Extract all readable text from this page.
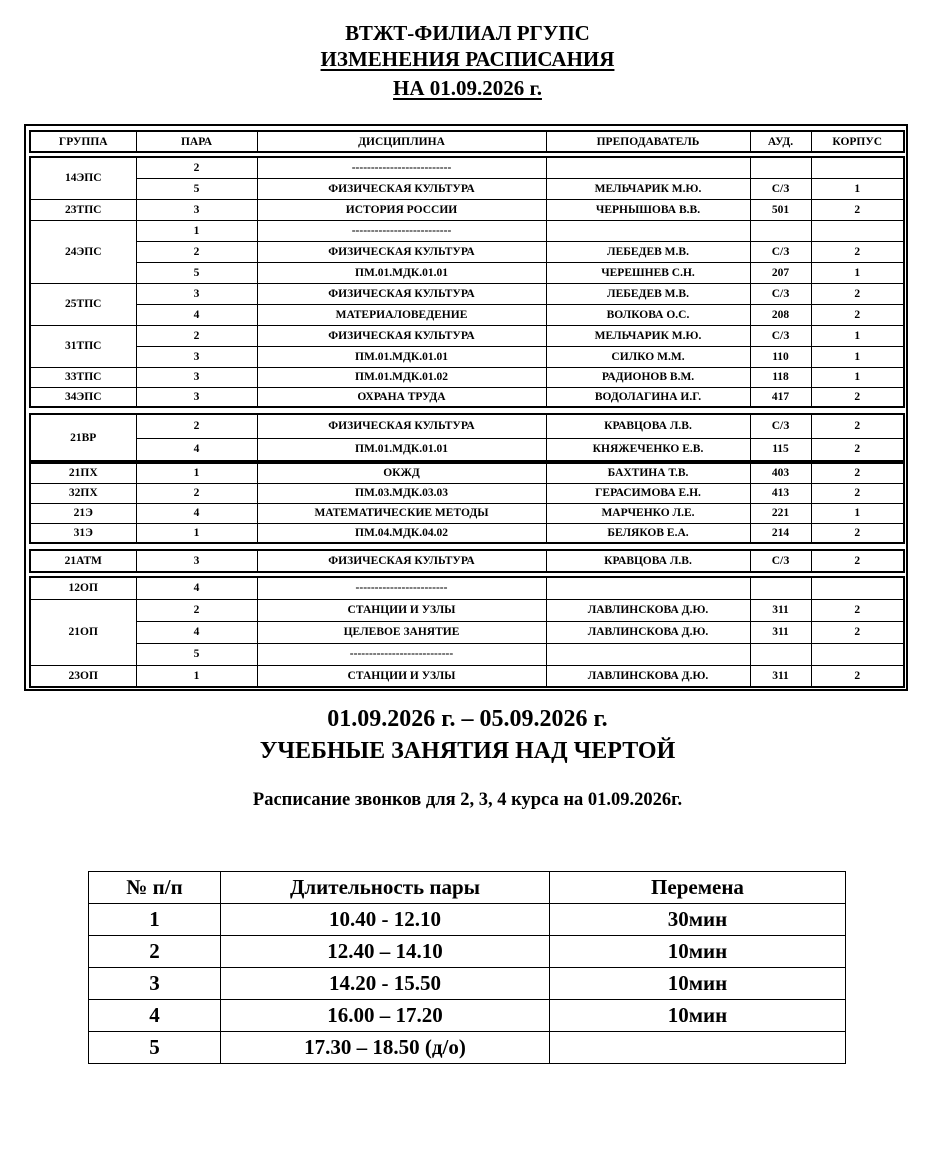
ВТЖТ-ФИЛИАЛ РГУПС
ИЗМЕНЕНИЯ РАСПИСАНИЯ
НА 01.09.2026 г.
ГРУППА	ПАРА	ДИСЦИПЛИНА	ПРЕПОДАВАТЕЛЬ	АУД.	КОРПУС
14ЭПС	2	--------------------------			
	5	ФИЗИЧЕСКАЯ КУЛЬТУРА	МЕЛЬЧАРИК М.Ю.	С/З	1
23ТПС	3	ИСТОРИЯ РОССИИ	ЧЕРНЫШОВА В.В.	501	2
24ЭПС	1	--------------------------			
	2	ФИЗИЧЕСКАЯ КУЛЬТУРА	ЛЕБЕДЕВ М.В.	С/З	2
	5	ПМ.01.МДК.01.01	ЧЕРЕШНЕВ С.Н.	207	1
25ТПС	3	ФИЗИЧЕСКАЯ КУЛЬТУРА	ЛЕБЕДЕВ М.В.	С/З	2
	4	МАТЕРИАЛОВЕДЕНИЕ	ВОЛКОВА О.С.	208	2
31ТПС	2	ФИЗИЧЕСКАЯ КУЛЬТУРА	МЕЛЬЧАРИК М.Ю.	С/З	1
	3	ПМ.01.МДК.01.01	СИЛКО М.М.	110	1
33ТПС	3	ПМ.01.МДК.01.02	РАДИОНОВ В.М.	118	1
34ЭПС	3	ОХРАНА ТРУДА	ВОДОЛАГИНА И.Г.	417	2
21ВР	2	ФИЗИЧЕСКАЯ КУЛЬТУРА	КРАВЦОВА Л.В.	С/З	2
	4	ПМ.01.МДК.01.01	КНЯЖЕЧЕНКО Е.В.	115	2
21ПХ	1	ОКЖД	БАХТИНА Т.В.	403	2
32ПХ	2	ПМ.03.МДК.03.03	ГЕРАСИМОВА Е.Н.	413	2
21Э	4	МАТЕМАТИЧЕСКИЕ МЕТОДЫ	МАРЧЕНКО Л.Е.	221	1
31Э	1	ПМ.04.МДК.04.02	БЕЛЯКОВ Е.А.	214	2
21АТМ	3	ФИЗИЧЕСКАЯ КУЛЬТУРА	КРАВЦОВА Л.В.	С/З	2
12ОП	4	------------------------			
21ОП	2	СТАНЦИИ И УЗЛЫ	ЛАВЛИНСКОВА Д.Ю.	311	2
	4	ЦЕЛЕВОЕ ЗАНЯТИЕ	ЛАВЛИНСКОВА Д.Ю.	311	2
	5	---------------------------			
23ОП	1	СТАНЦИИ И УЗЛЫ	ЛАВЛИНСКОВА Д.Ю.	311	2
01.09.2026 г. – 05.09.2026 г.
УЧЕБНЫЕ ЗАНЯТИЯ НАД ЧЕРТОЙ
Расписание звонков для 2, 3, 4 курса на 01.09.2026г.
№ п/п	Длительность пары	Перемена
1	10.40 - 12.10	30мин
2	12.40 – 14.10	10мин
3	14.20 - 15.50	10мин
4	16.00 – 17.20	10мин
5	17.30 – 18.50 (д/о)	
